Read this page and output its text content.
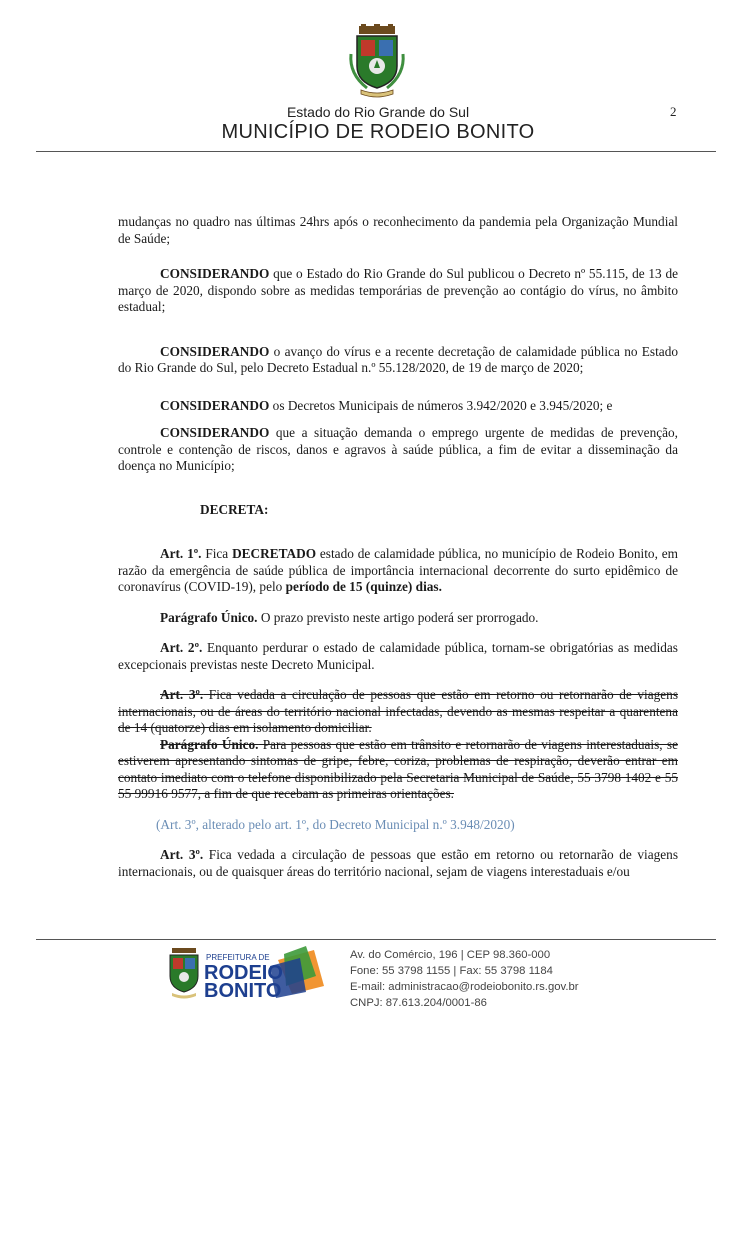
Estado do Rio Grande do Sul
MUNICÍPIO DE RODEIO BONITO
2

mudanças no quadro nas últimas 24hrs após o reconhecimento da pandemia pela Organização Mundial de Saúde;

CONSIDERANDO que o Estado do Rio Grande do Sul publicou o Decreto nº 55.115, de 13 de março de 2020, dispondo sobre as medidas temporárias de prevenção ao contágio do vírus, no âmbito estadual;

CONSIDERANDO o avanço do vírus e a recente decretação de calamidade pública no Estado do Rio Grande do Sul, pelo Decreto Estadual n.º 55.128/2020, de 19 de março de 2020;

CONSIDERANDO os Decretos Municipais de números 3.942/2020 e 3.945/2020; e

CONSIDERANDO que a situação demanda o emprego urgente de medidas de prevenção, controle e contenção de riscos, danos e agravos à saúde pública, a fim de evitar a disseminação da doença no Município;

DECRETA:

Art. 1º. Fica DECRETADO estado de calamidade pública, no município de Rodeio Bonito, em razão da emergência de saúde pública de importância internacional decorrente do surto epidêmico de coronavírus (COVID-19), pelo período de 15 (quinze) dias.

Parágrafo Único. O prazo previsto neste artigo poderá ser prorrogado.

Art. 2º. Enquanto perdurar o estado de calamidade pública, tornam-se obrigatórias as medidas excepcionais previstas neste Decreto Municipal.

Art. 3º. Fica vedada a circulação de pessoas que estão em retorno ou retornarão de viagens internacionais, ou de áreas do território nacional infectadas, devendo as mesmas respeitar a quarentena de 14 (quatorze) dias em isolamento domiciliar.

Parágrafo Único. Para pessoas que estão em trânsito e retornarão de viagens interestaduais, se estiverem apresentando sintomas de gripe, febre, coriza, problemas de respiração, deverão entrar em contato imediato com o telefone disponibilizado pela Secretaria Municipal de Saúde, 55 3798 1402 e 55 55 99916 9577, a fim de que recebam as primeiras orientações.

(Art. 3º, alterado pelo art. 1º, do Decreto Municipal n.º 3.948/2020)

Art. 3º. Fica vedada a circulação de pessoas que estão em retorno ou retornarão de viagens internacionais, ou de quaisquer áreas do território nacional, sejam de viagens interestaduais e/ou

PREFEITURA DE
RODEIO
BONITO
Av. do Comércio, 196 | CEP 98.360-000
Fone: 55 3798 1155 | Fax: 55 3798 1184
E-mail: administracao@rodeiobonito.rs.gov.br
CNPJ: 87.613.204/0001-86
